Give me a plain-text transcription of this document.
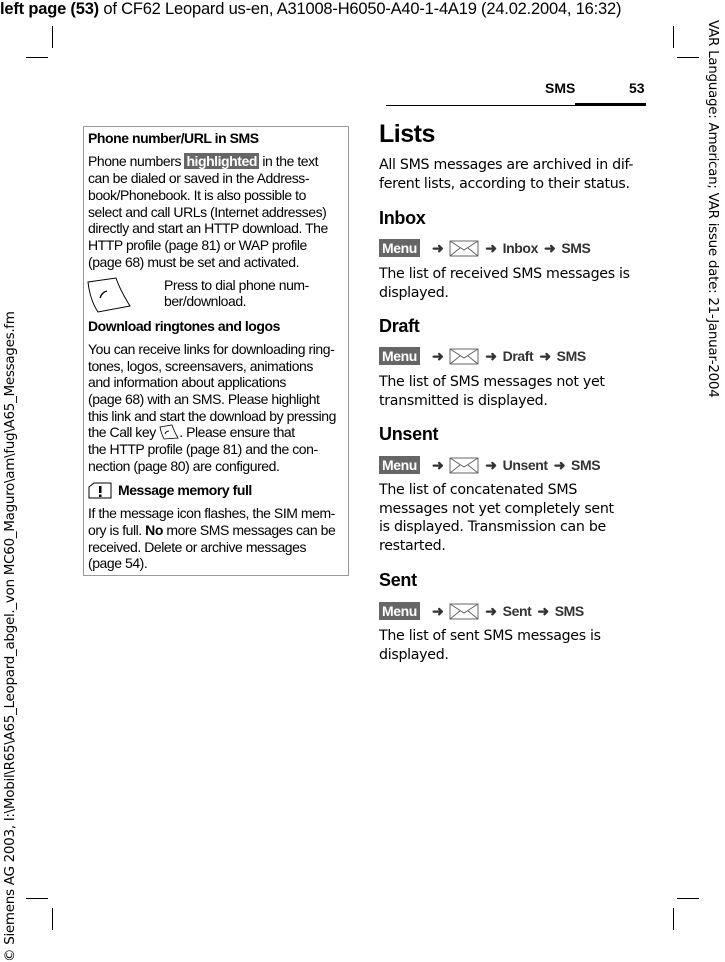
left page (53) of CF62 Leopard us-en, A31008-H6050-A40-1-4A19 (24.02.2004, 16:32)
VAR Language: American; VAR issue date: 21-Januar-2004
© Siemens AG 2003, I:\Mobil\R65\A65_Leopard_abgel._von MC60_Maguro\am\fug\A65_Messages.fm
SMS	53
Phone number/URL in SMS
Phone numbers highlighted in the text
can be dialed or saved in the Address-
book/Phonebook. It is also possible to
select and call URLs (Internet addresses)
directly and start an HTTP download. The
HTTP profile (page 81) or WAP profile
(page 68) must be set and activated.
Press to dial phone num-
ber/download.
Download ringtones and logos
You can receive links for downloading ring-
tones, logos, screensavers, animations
and information about applications
(page 68) with an SMS. Please highlight
this link and start the download by pressing
the Call key . Please ensure that
the HTTP profile (page 81) and the con-
nection (page 80) are configured.
Message memory full
If the message icon flashes, the SIM mem-
ory is full. No more SMS messages can be
received. Delete or archive messages
(page 54).
Lists
All SMS messages are archived in dif-
ferent lists, according to their status.
Inbox
Menu ➜	➜ Inbox ➜ SMS
The list of received SMS messages is
displayed.
Draft
Menu ➜	➜ Draft ➜ SMS
The list of SMS messages not yet
transmitted is displayed.
Unsent
Menu ➜	➜ Unsent ➜ SMS
The list of concatenated SMS
messages not yet completely sent
is displayed. Transmission can be
restarted.
Sent
Menu ➜	➜ Sent ➜ SMS
The list of sent SMS messages is
displayed.
